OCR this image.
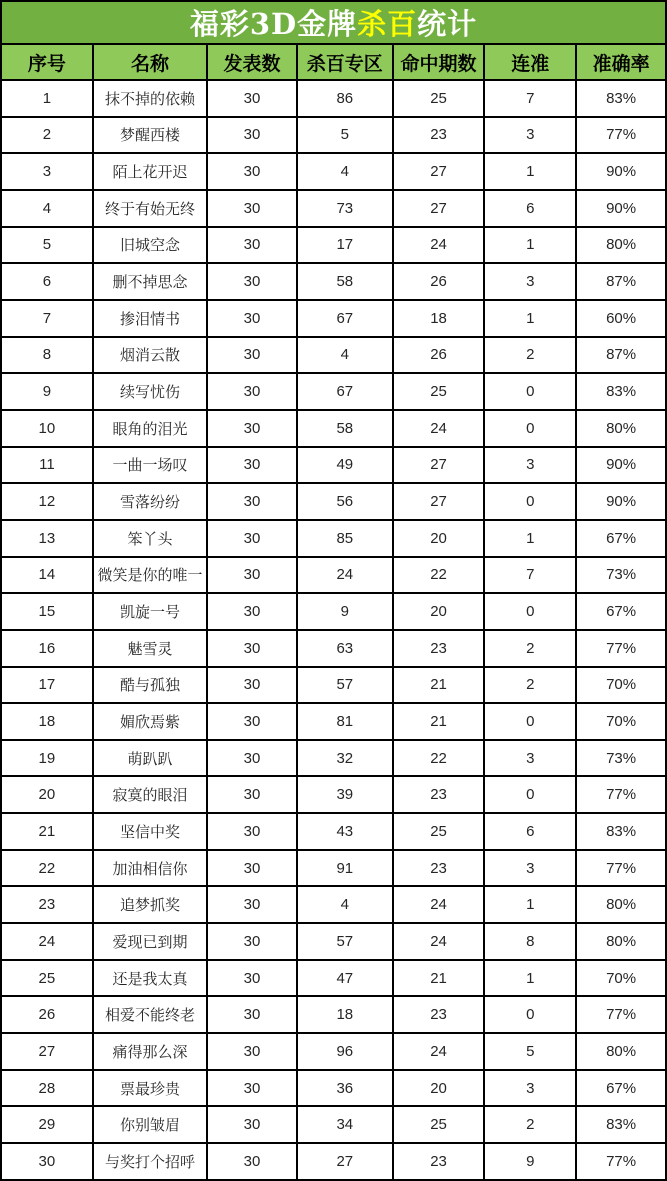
福彩3D金牌杀百统计						
序号	名称	发表数	杀百专区	命中期数	连准	准确率
1	抹不掉的依赖	30	86	25	7	83%
2	梦醒西楼	30	5	23	3	77%
3	陌上花开迟	30	4	27	1	90%
4	终于有始无终	30	73	27	6	90%
5	旧城空念	30	17	24	1	80%
6	删不掉思念	30	58	26	3	87%
7	掺泪情书	30	67	18	1	60%
8	烟消云散	30	4	26	2	87%
9	续写忧伤	30	67	25	0	83%
10	眼角的泪光	30	58	24	0	80%
11	一曲一场叹	30	49	27	3	90%
12	雪落纷纷	30	56	27	0	90%
13	笨丫头	30	85	20	1	67%
14	微笑是你的唯一	30	24	22	7	73%
15	凯旋一号	30	9	20	0	67%
16	魅雪灵	30	63	23	2	77%
17	酷与孤独	30	57	21	2	70%
18	媚欣焉紫	30	81	21	0	70%
19	萌趴趴	30	32	22	3	73%
20	寂寞的眼泪	30	39	23	0	77%
21	坚信中奖	30	43	25	6	83%
22	加油相信你	30	91	23	3	77%
23	追梦抓奖	30	4	24	1	80%
24	爱现已到期	30	57	24	8	80%
25	还是我太真	30	47	21	1	70%
26	相爱不能终老	30	18	23	0	77%
27	痛得那么深	30	96	24	5	80%
28	票最珍贵	30	36	20	3	67%
29	你别皱眉	30	34	25	2	83%
30	与奖打个招呼	30	27	23	9	77%
